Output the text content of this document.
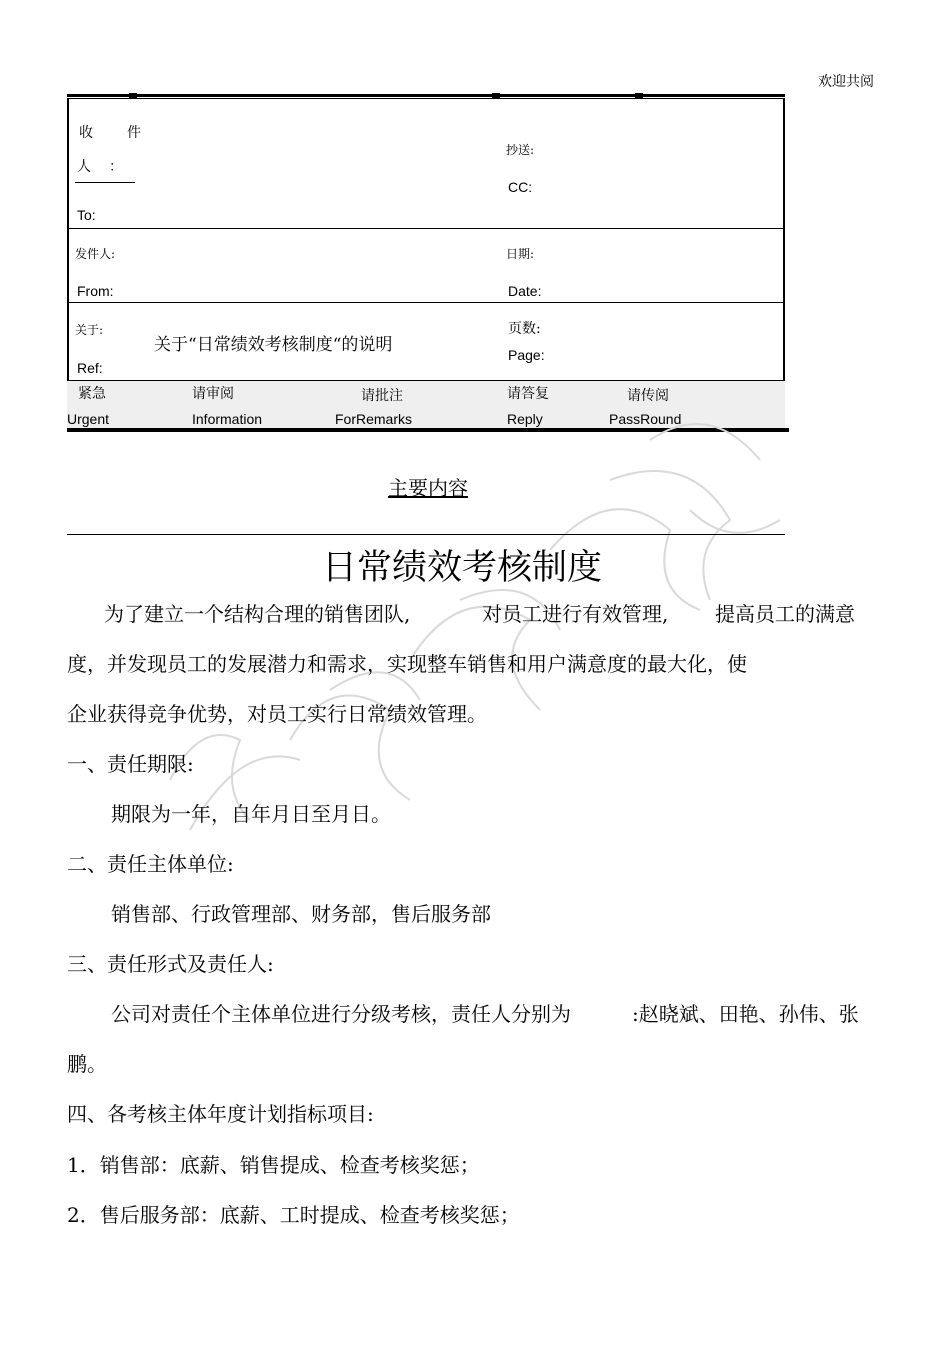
欢迎共阅
收　　件
人　：
To:
抄送:
CC:
发件人:
From:
日期:
Date:
关于:
关于“日常绩效考核制度“的说明
Ref:
页数:
Page:
紧急
Urgent
请审阅
Information
请批注
ForRemarks
请答复
Reply
请传阅
PassRound
主要内容
日常绩效考核制度
为了建立一个结构合理的销售团队,	对员工进行有效管理, 提高员工的满意
度，并发现员工的发展潜力和需求，实现整车销售和用户满意度的最大化，使
企业获得竞争优势，对员工实行日常绩效管理。
一、责任期限:
期限为一年，自年月日至月日。
二、责任主体单位:
销售部、行政管理部、财务部，售后服务部
三、责任形式及责任人:
公司对责任个主体单位进行分级考核，责任人分别为	:赵晓斌、田艳、孙伟、张
鹏。
四、各考核主体年度计划指标项目:
1．销售部：底薪、销售提成、检查考核奖惩；
2．售后服务部：底薪、工时提成、检查考核奖惩；
